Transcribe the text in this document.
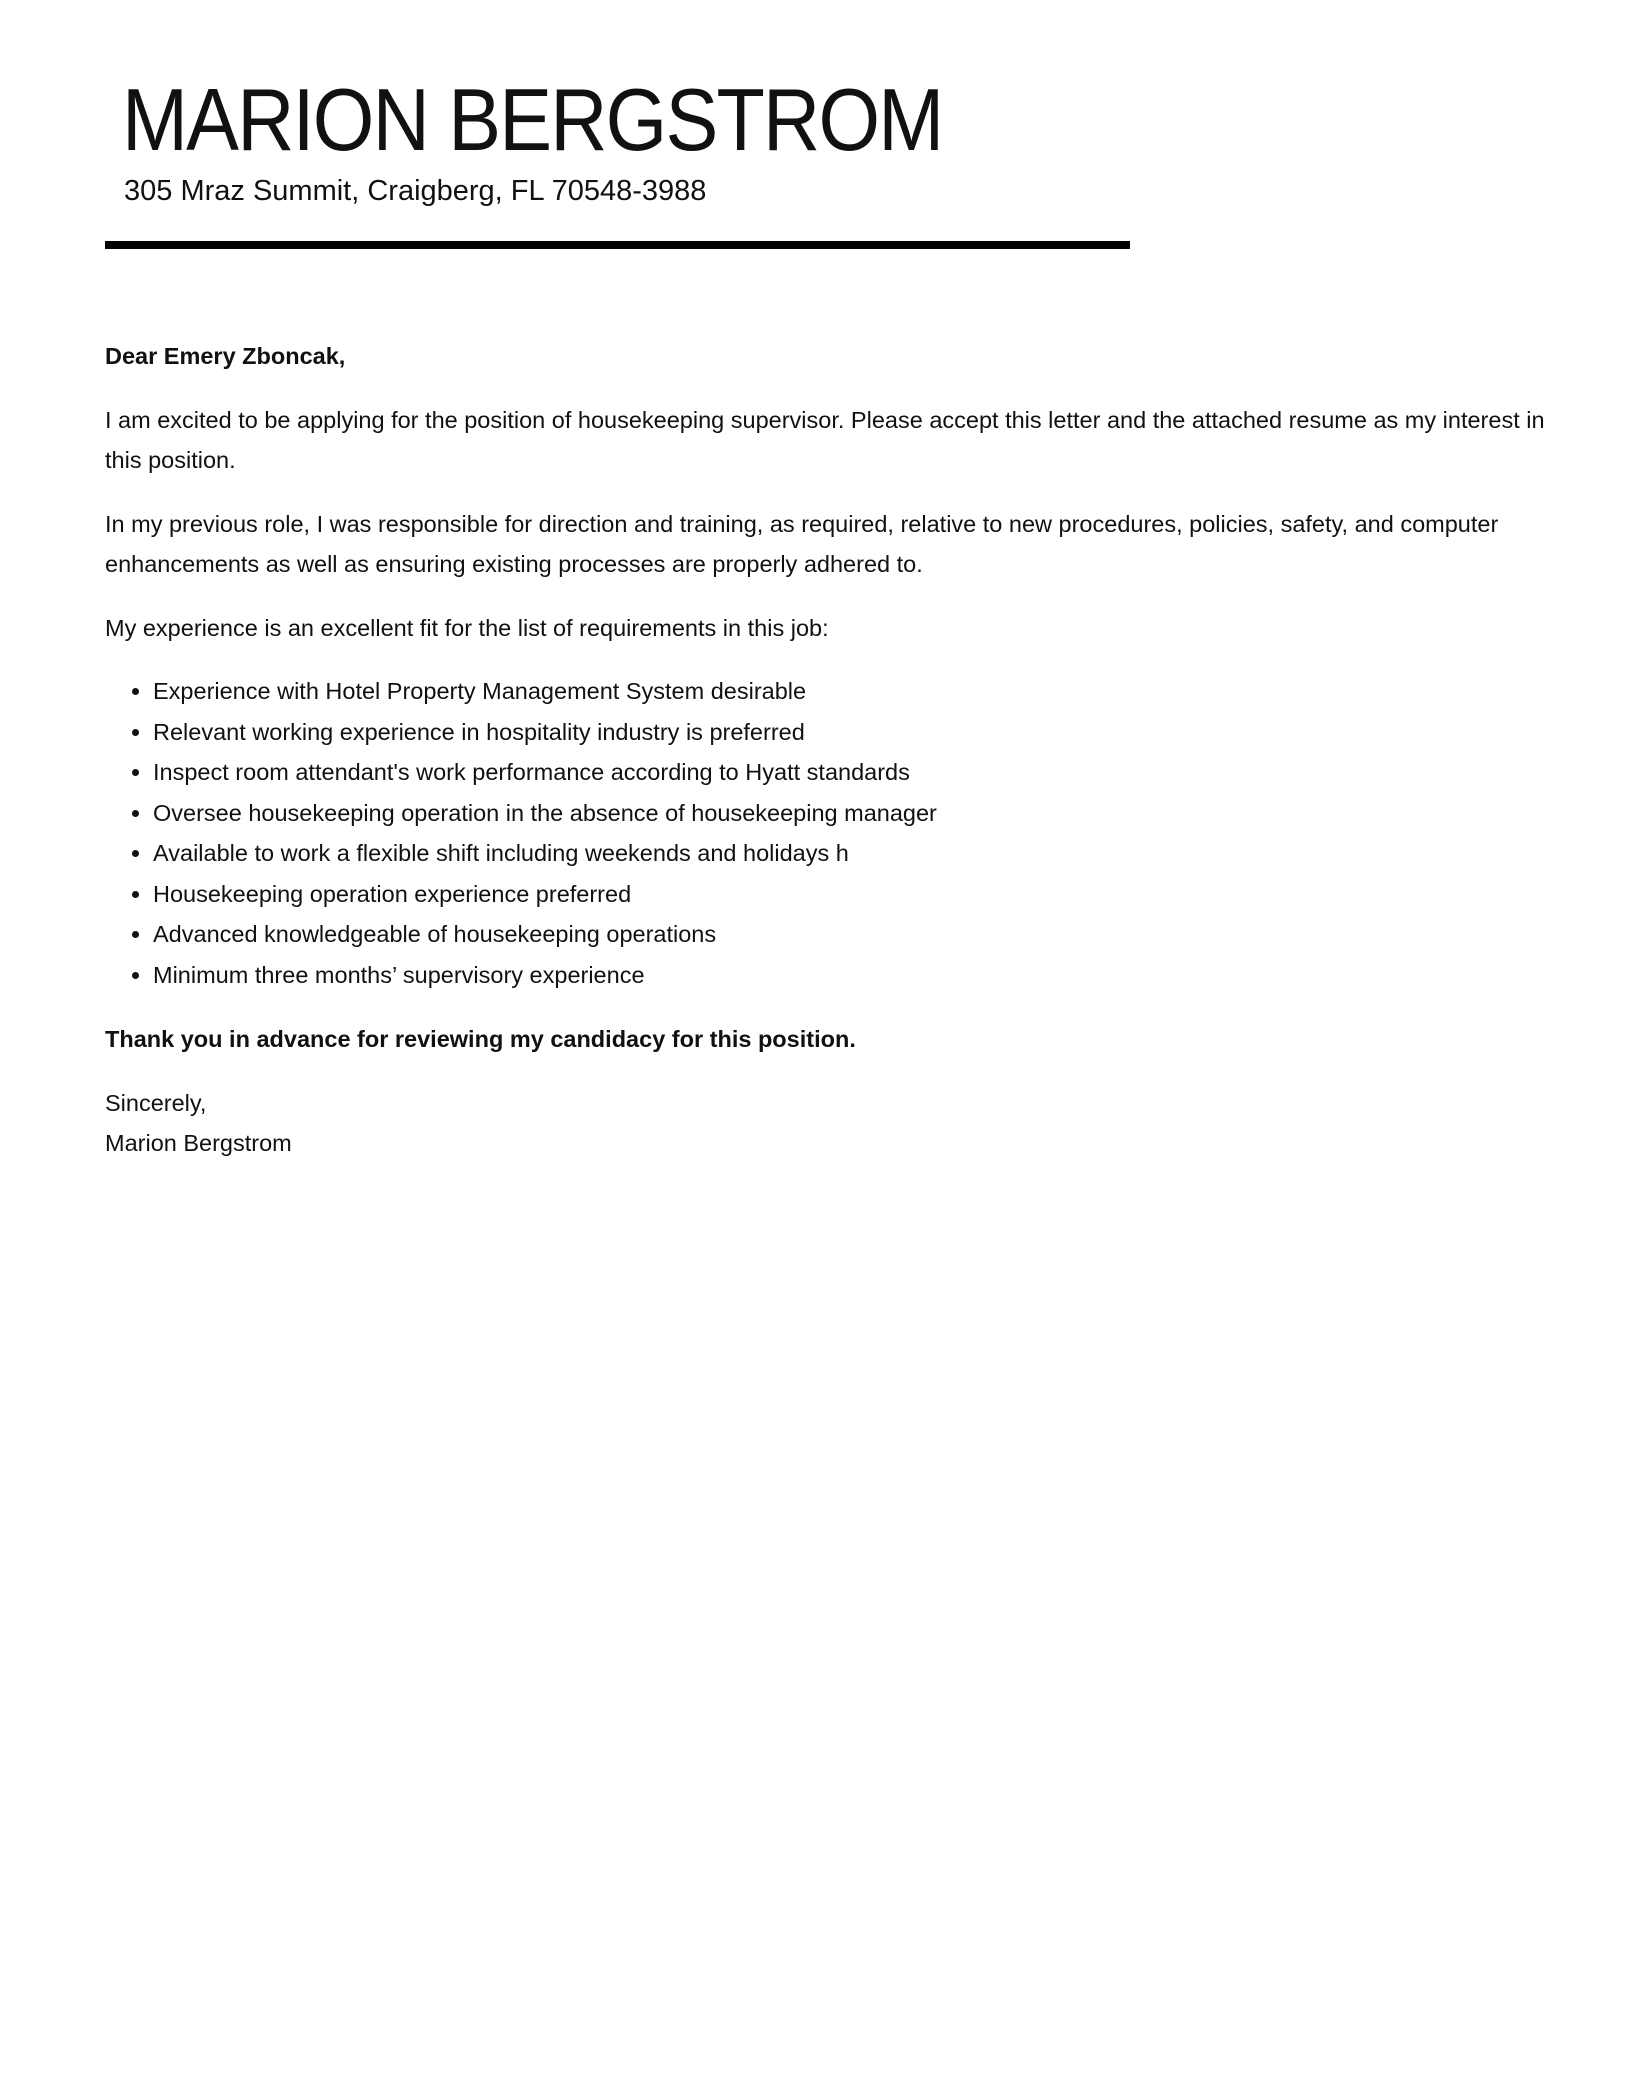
MARION BERGSTROM
305 Mraz Summit, Craigberg, FL 70548-3988

Dear Emery Zboncak,

I am excited to be applying for the position of housekeeping supervisor. Please accept this letter and the attached resume as my interest in this position.

In my previous role, I was responsible for direction and training, as required, relative to new procedures, policies, safety, and computer enhancements as well as ensuring existing processes are properly adhered to.

My experience is an excellent fit for the list of requirements in this job:

• Experience with Hotel Property Management System desirable
• Relevant working experience in hospitality industry is preferred
• Inspect room attendant's work performance according to Hyatt standards
• Oversee housekeeping operation in the absence of housekeeping manager
• Available to work a flexible shift including weekends and holidays h
• Housekeeping operation experience preferred
• Advanced knowledgeable of housekeeping operations
• Minimum three months’ supervisory experience

Thank you in advance for reviewing my candidacy for this position.

Sincerely,
Marion Bergstrom
